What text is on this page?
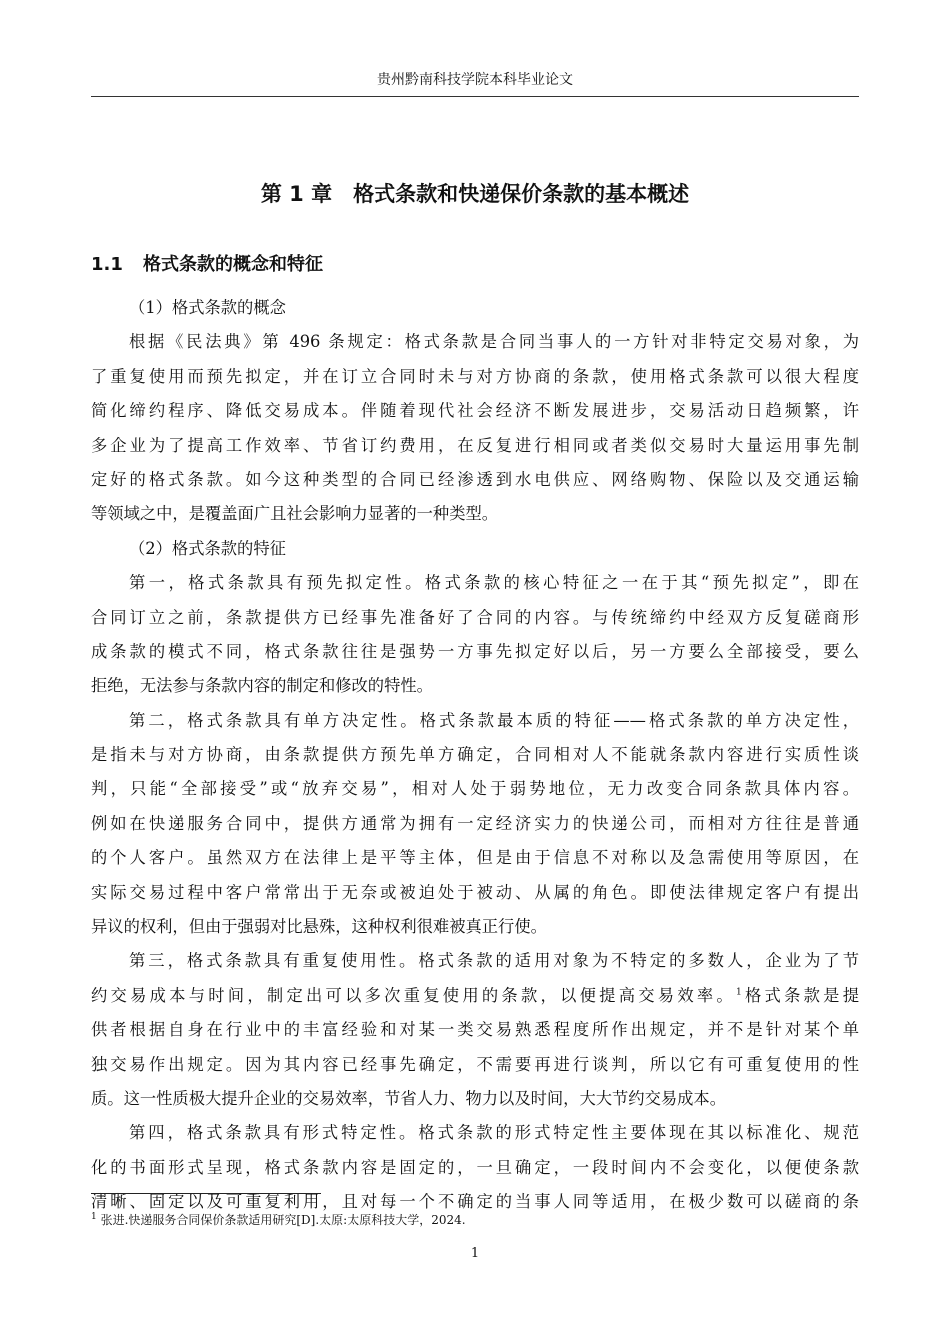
贵州黔南科技学院本科毕业论文
第 1 章　格式条款和快递保价条款的基本概述
1.1 格式条款的概念和特征
（1）格式条款的概念
根据《民法典》第 496 条规定：格式条款是合同当事人的一方针对非特定交易对象，为
了重复使用而预先拟定，并在订立合同时未与对方协商的条款，使用格式条款可以很大程度
简化缔约程序、降低交易成本。伴随着现代社会经济不断发展进步，交易活动日趋频繁，许
多企业为了提高工作效率、节省订约费用，在反复进行相同或者类似交易时大量运用事先制
定好的格式条款。如今这种类型的合同已经渗透到水电供应、网络购物、保险以及交通运输
等领域之中，是覆盖面广且社会影响力显著的一种类型。
（2）格式条款的特征
第一，格式条款具有预先拟定性。格式条款的核心特征之一在于其“预先拟定”，即在
合同订立之前，条款提供方已经事先准备好了合同的内容。与传统缔约中经双方反复磋商形
成条款的模式不同，格式条款往往是强势一方事先拟定好以后，另一方要么全部接受，要么
拒绝，无法参与条款内容的制定和修改的特性。
第二，格式条款具有单方决定性。格式条款最本质的特征——格式条款的单方决定性，
是指未与对方协商，由条款提供方预先单方确定，合同相对人不能就条款内容进行实质性谈
判，只能“全部接受”或“放弃交易”，相对人处于弱势地位，无力改变合同条款具体内容。
例如在快递服务合同中，提供方通常为拥有一定经济实力的快递公司，而相对方往往是普通
的个人客户。虽然双方在法律上是平等主体，但是由于信息不对称以及急需使用等原因，在
实际交易过程中客户常常出于无奈或被迫处于被动、从属的角色。即使法律规定客户有提出
异议的权利，但由于强弱对比悬殊，这种权利很难被真正行使。
第三，格式条款具有重复使用性。格式条款的适用对象为不特定的多数人，企业为了节
约交易成本与时间，制定出可以多次重复使用的条款，以便提高交易效率。$^1$格式条款是提
供者根据自身在行业中的丰富经验和对某一类交易熟悉程度所作出规定，并不是针对某个单
独交易作出规定。因为其内容已经事先确定，不需要再进行谈判，所以它有可重复使用的性
质。这一性质极大提升企业的交易效率，节省人力、物力以及时间，大大节约交易成本。
第四，格式条款具有形式特定性。格式条款的形式特定性主要体现在其以标准化、规范
化的书面形式呈现，格式条款内容是固定的，一旦确定，一段时间内不会变化，以便使条款
清晰、固定以及可重复利用，且对每一个不确定的当事人同等适用，在极少数可以磋商的条
$^1$ 张进.快递服务合同保价条款适用研究[D].太原:太原科技大学，2024.
1
